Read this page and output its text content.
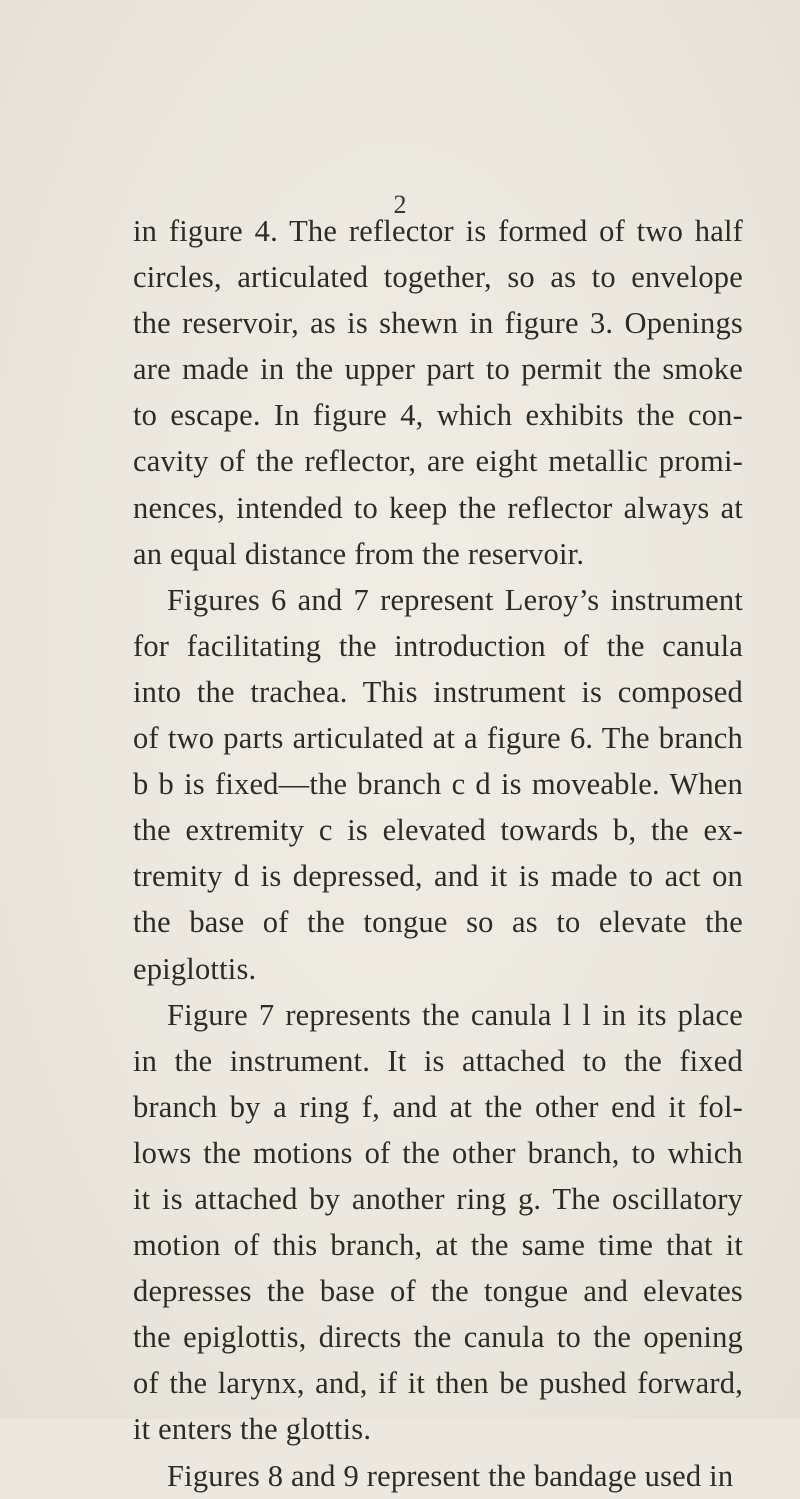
2
in figure 4. The reflector is formed of two half
circles, articulated together, so as to envelope
the reservoir, as is shewn in figure 3. Openings
are made in the upper part to permit the smoke
to escape. In figure 4, which exhibits the con-
cavity of the reflector, are eight metallic promi-
nences, intended to keep the reflector always at
an equal distance from the reservoir.
Figures 6 and 7 represent Leroy’s instrument
for facilitating the introduction of the canula
into the trachea. This instrument is composed
of two parts articulated at a figure 6. The branch
b b is fixed—the branch c d is moveable. When
the extremity c is elevated towards b, the ex-
tremity d is depressed, and it is made to act on
the base of the tongue so as to elevate the
epiglottis.
Figure 7 represents the canula l l in its place
in the instrument. It is attached to the fixed
branch by a ring f, and at the other end it fol-
lows the motions of the other branch, to which
it is attached by another ring g. The oscillatory
motion of this branch, at the same time that it
depresses the base of the tongue and elevates
the epiglottis, directs the canula to the opening
of the larynx, and, if it then be pushed forward,
it enters the glottis.
Figures 8 and 9 represent the bandage used in
